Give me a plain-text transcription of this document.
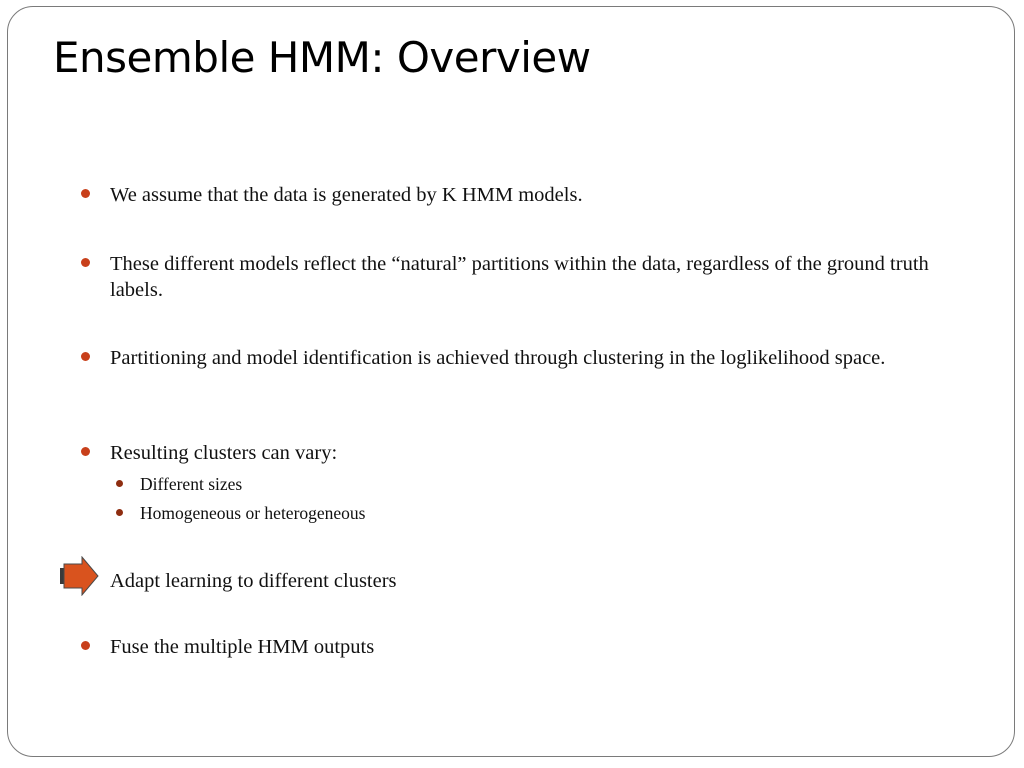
Ensemble HMM: Overview
We assume that the data is generated by K HMM models.
These different models reflect the “natural” partitions within the data, regardless of the ground truth labels.
Partitioning and model identification is achieved through clustering in the loglikelihood space.
Resulting clusters can vary:
Different sizes
Homogeneous or heterogeneous
Adapt learning to different clusters
Fuse the multiple HMM outputs
